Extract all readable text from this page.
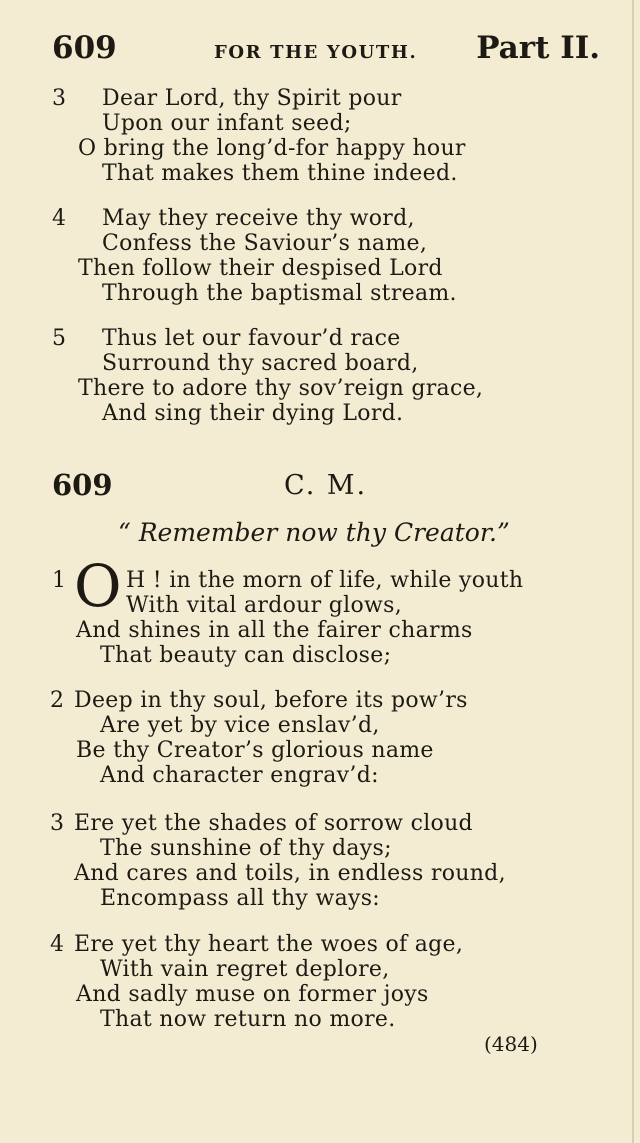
609	FOR THE YOUTH. Part II.
3 Dear Lord, thy Spirit pour
Upon our infant seed;
O bring the long’d-for happy hour
That makes them thine indeed.
4 May they receive thy word,
Confess the Saviour’s name,
Then follow their despised Lord
Through the baptismal stream.
5 Thus let our favour’d race
Surround thy sacred board,
There to adore thy sov’reign grace,
And sing their dying Lord.
609	C. M.
“ Remember now thy Creator.”
1 O H ! in the morn of life, while youth
With vital ardour glows,
And shines in all the fairer charms
That beauty can disclose;
2 Deep in thy soul, before its pow’rs
Are yet by vice enslav’d,
Be thy Creator’s glorious name
And character engrav’d:
3 Ere yet the shades of sorrow cloud
The sunshine of thy days;
And cares and toils, in endless round,
Encompass all thy ways:
4 Ere yet thy heart the woes of age,
With vain regret deplore,
And sadly muse on former joys
That now return no more.
(484)
